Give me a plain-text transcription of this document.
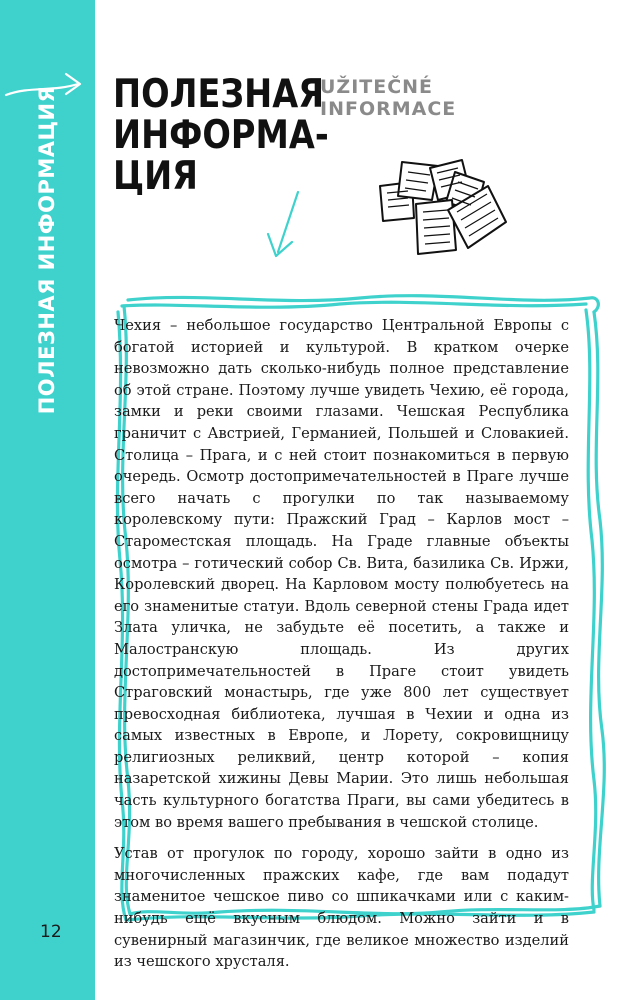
ПОЛЕЗНАЯ ИНФОРМАЦИЯ
12
ПОЛЕЗНАЯ
ИНФОРМА-
ЦИЯ
UŽITEČNÉ
INFORMACE

Чехия – небольшое государство Центральной Европы с богатой историей и культурой. В кратком очерке невозможно дать сколько-нибудь полное представление об этой стране. Поэтому лучше увидеть Чехию, её города, замки и реки своими глазами. Чешская Республика граничит с Австрией, Германией, Польшей и Словакией. Столица – Прага, и с ней стоит познакомиться в первую очередь. Осмотр достопримечательностей в Праге лучше всего начать с прогулки по так называемому королевскому пути: Пражский Град – Карлов мост – Староместская площадь. На Граде главные объекты осмотра – готический собор Св. Вита, базилика Св. Иржи, Королевский дворец. На Карловом мосту полюбуетесь на его знаменитые статуи. Вдоль северной стены Града идет Злата уличка, не забудьте её посетить, а также и Малостранскую площадь. Из других достопримечательностей в Праге стоит увидеть Страговский монастырь, где уже 800 лет существует превосходная библиотека, лучшая в Чехии и одна из самых известных в Европе, и Лорету, сокровищницу религиозных реликвий, центр которой – копия назаретской хижины Девы Марии. Это лишь небольшая часть культурного богатства Праги, вы сами убедитесь в этом во время вашего пребывания в чешской столице.

Устав от прогулок по городу, хорошо зайти в одно из многочисленных пражских кафе, где вам подадут знаменитое чешское пиво со шпикачками или с каким-нибудь ещё вкусным блюдом. Можно зайти и в сувенирный магазинчик, где великое множество изделий из чешского хрусталя.
